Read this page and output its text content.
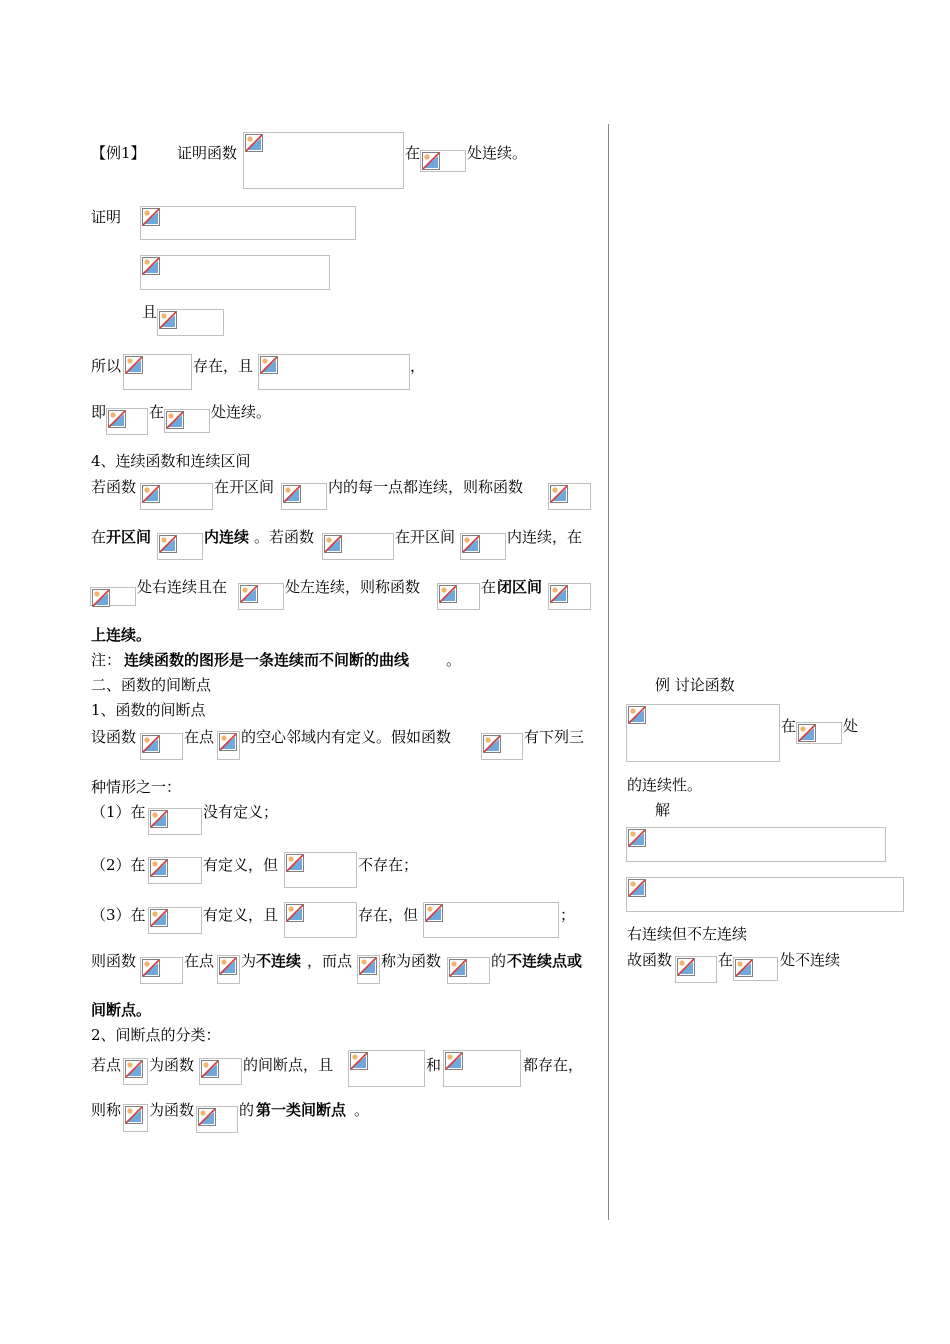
【例1】 证明函数	在	处连续。
证明
且
所以	存在，且	，
即	在	处连续。
4、连续函数和连续区间
若函数	在开区间	内的每一点都连续，则称函数
在 开区间	内连续 。若函数	在开区间	内连续，在
处右连续且在	处左连续，则称函数	在 闭区间
上连续。
注： 连续函数的图形是一条连续而不间断的曲线 。
二、函数的间断点
1、函数的间断点
设函数	在点 的空心邻域内有定义。假如函数	有下列三
种情形之一：
（1）在	没有定义；
（2）在	有定义，但	不存在；
（3）在	有定义，且	存在，但	；
则函数	在点 为 不连续 ，而点 称为函数	的 不连续点或
间断点。
2、间断点的分类：
若点 为函数	的间断点，且	和	都存在，
则称 为函数	的 第一类间断点 。
例 讨论函数
在	处
的连续性。
解
右连续但不左连续
故函数	在	处不连续
